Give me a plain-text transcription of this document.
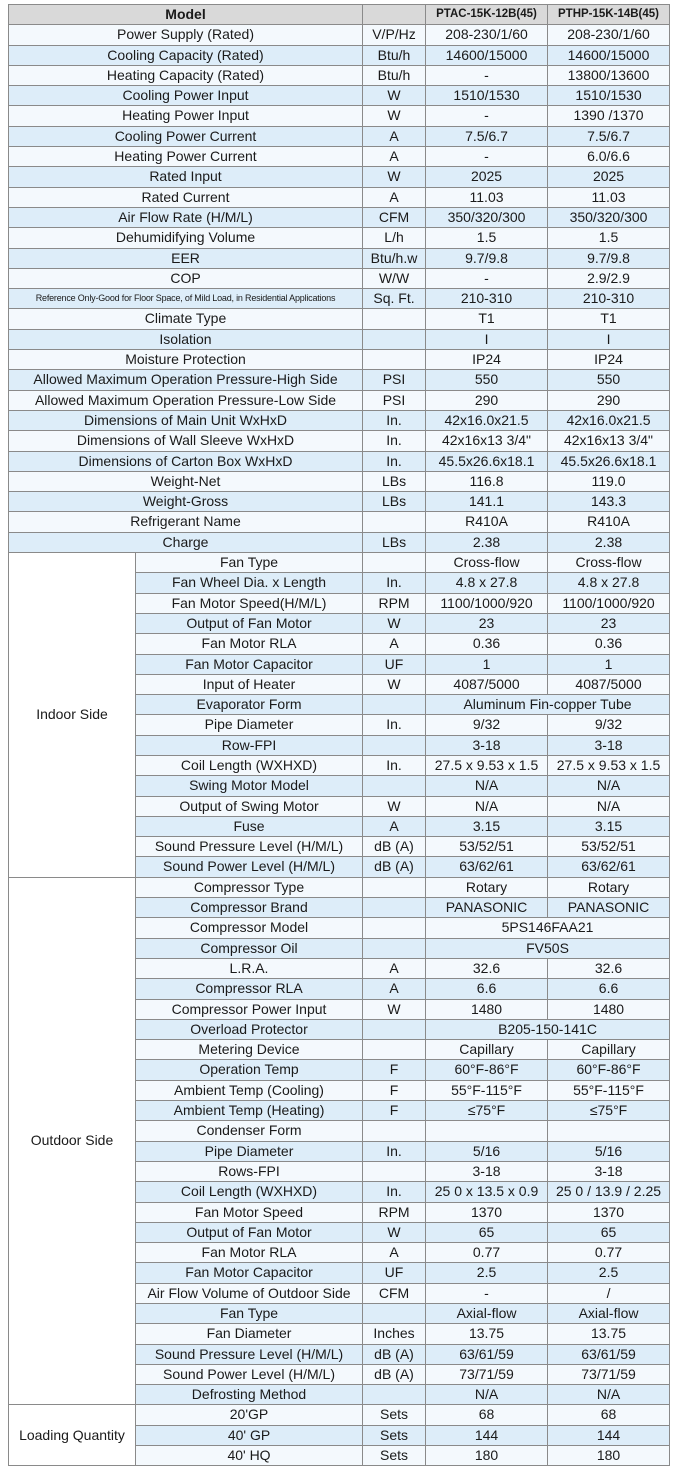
Model			PTAC-15K-12B(45)	PTHP-15K-14B(45)
Power Supply (Rated)		V/P/Hz	208-230/1/60	208-230/1/60
Cooling Capacity (Rated)		Btu/h	14600/15000	14600/15000
Heating Capacity (Rated)		Btu/h	-	13800/13600
Cooling Power Input		W	1510/1530	1510/1530
Heating Power Input		W	-	1390 /1370
Cooling Power Current		A	7.5/6.7	7.5/6.7
Heating Power Current		A	-	6.0/6.6
Rated Input		W	2025	2025
Rated Current		A	11.03	11.03
Air Flow Rate (H/M/L)		CFM	350/320/300	350/320/300
Dehumidifying Volume		L/h	1.5	1.5
EER		Btu/h.w	9.7/9.8	9.7/9.8
COP		W/W	-	2.9/2.9
Reference Only-Good for Floor Space, of Mild Load, in Residential Applications		Sq. Ft.	210-310	210-310
Climate Type			T1	T1
Isolation			I	I
Moisture Protection			IP24	IP24
Allowed Maximum Operation Pressure-High Side		PSI	550	550
Allowed Maximum Operation Pressure-Low Side		PSI	290	290
Dimensions of Main Unit WxHxD		In.	42x16.0x21.5	42x16.0x21.5
Dimensions of Wall Sleeve WxHxD		In.	42x16x13 3/4"	42x16x13 3/4"
Dimensions of Carton Box WxHxD		In.	45.5x26.6x18.1	45.5x26.6x18.1
Weight-Net		LBs	116.8	119.0
Weight-Gross		LBs	141.1	143.3
Refrigerant Name			R410A	R410A
Charge		LBs	2.38	2.38
Indoor Side	Fan Type		Cross-flow	Cross-flow
	Fan Wheel Dia. x Length	In.	4.8 x 27.8	4.8 x 27.8
	Fan Motor Speed(H/M/L)	RPM	1100/1000/920	1100/1000/920
	Output of Fan Motor	W	23	23
	Fan Motor RLA	A	0.36	0.36
	Fan Motor Capacitor	UF	1	1
	Input of Heater	W	4087/5000	4087/5000
	Evaporator Form		Aluminum Fin-copper Tube	
	Pipe Diameter	In.	9/32	9/32
	Row-FPI		3-18	3-18
	Coil Length (WXHXD)	In.	27.5 x 9.53 x 1.5	27.5 x 9.53 x 1.5
	Swing Motor Model		N/A	N/A
	Output of Swing Motor	W	N/A	N/A
	Fuse	A	3.15	3.15
	Sound Pressure Level (H/M/L)	dB (A)	53/52/51	53/52/51
	Sound Power Level (H/M/L)	dB (A)	63/62/61	63/62/61
Outdoor Side	Compressor Type		Rotary	Rotary
	Compressor Brand		PANASONIC	PANASONIC
	Compressor Model		5PS146FAA21	
	Compressor Oil		FV50S	
	L.R.A.	A	32.6	32.6
	Compressor RLA	A	6.6	6.6
	Compressor Power Input	W	1480	1480
	Overload Protector		B205-150-141C	
	Metering Device		Capillary	Capillary
	Operation Temp	F	60°F-86°F	60°F-86°F
	Ambient Temp (Cooling)	F	55°F-115°F	55°F-115°F
	Ambient Temp (Heating)	F	≤75°F	≤75°F
	Condenser Form			
	Pipe Diameter	In.	5/16	5/16
	Rows-FPI		3-18	3-18
	Coil Length (WXHXD)	In.	25 0 x 13.5 x 0.9	25 0 / 13.9 / 2.25
	Fan Motor Speed	RPM	1370	1370
	Output of Fan Motor	W	65	65
	Fan Motor RLA	A	0.77	0.77
	Fan Motor Capacitor	UF	2.5	2.5
	Air Flow Volume of Outdoor Side	CFM	-	/
	Fan Type		Axial-flow	Axial-flow
	Fan Diameter	Inches	13.75	13.75
	Sound Pressure Level (H/M/L)	dB (A)	63/61/59	63/61/59
	Sound Power Level (H/M/L)	dB (A)	73/71/59	73/71/59
	Defrosting Method		N/A	N/A
Loading Quantity	20'GP	Sets	68	68
	40' GP	Sets	144	144
	40' HQ	Sets	180	180
